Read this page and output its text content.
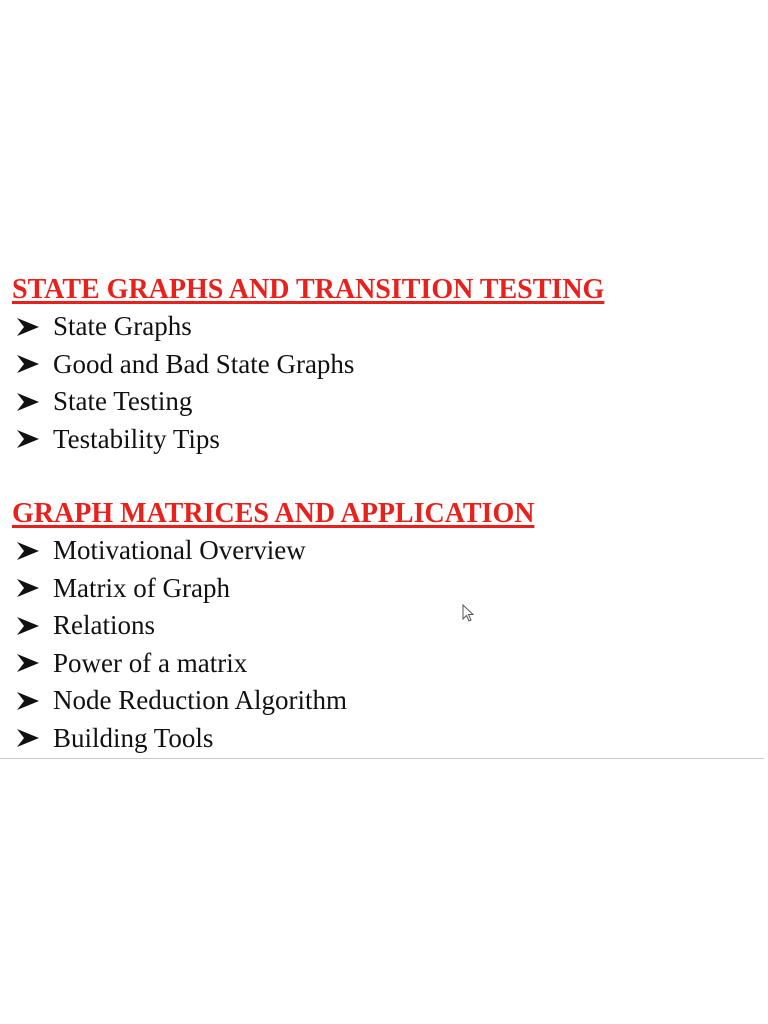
STATE GRAPHS AND TRANSITION TESTING
State Graphs
Good and Bad State Graphs
State Testing
Testability Tips
GRAPH MATRICES AND APPLICATION
Motivational Overview
Matrix of Graph
Relations
Power of a matrix
Node Reduction Algorithm
Building Tools
